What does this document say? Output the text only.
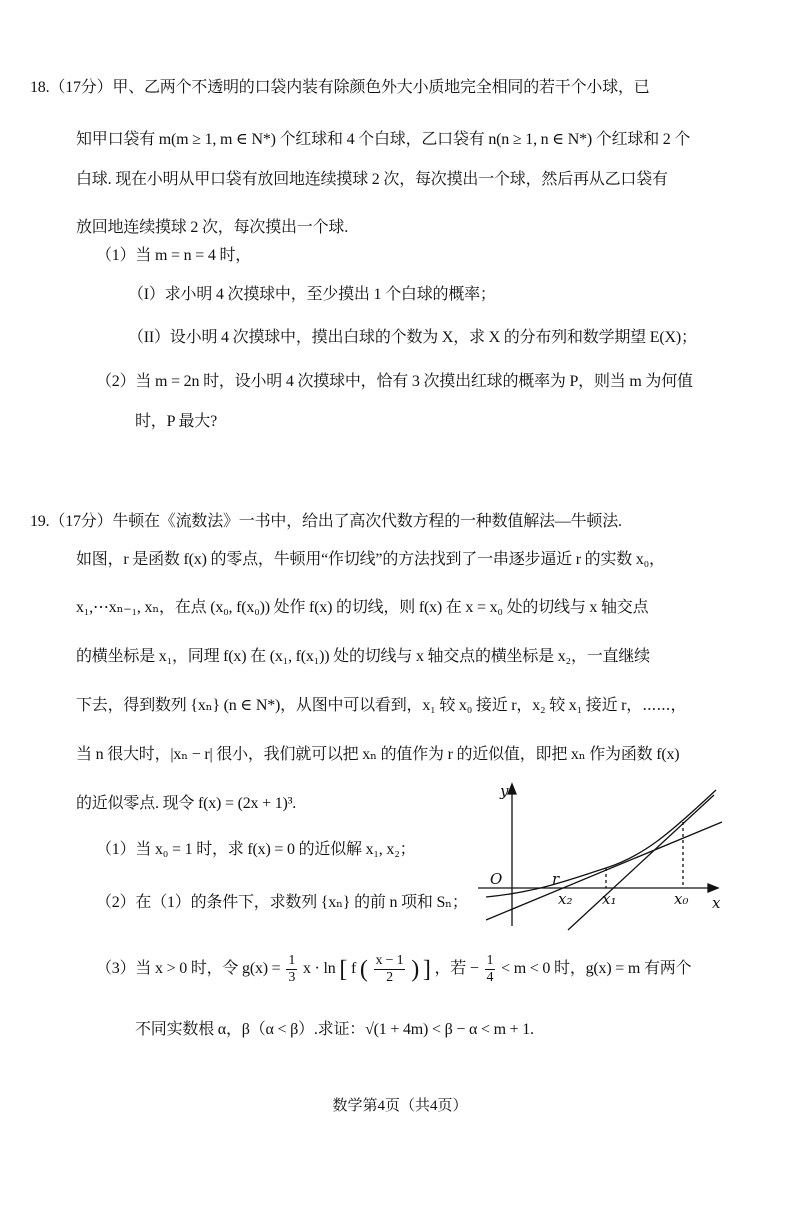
18.（17分）甲、乙两个不透明的口袋内装有除颜色外大小质地完全相同的若干个小球，已
知甲口袋有 m(m ≥ 1, m ∈ N*) 个红球和 4 个白球，乙口袋有 n(n ≥ 1, n ∈ N*) 个红球和 2 个
白球. 现在小明从甲口袋有放回地连续摸球 2 次，每次摸出一个球，然后再从乙口袋有
放回地连续摸球 2 次，每次摸出一个球.
（1）当 m = n = 4 时，
（I）求小明 4 次摸球中，至少摸出 1 个白球的概率；
（II）设小明 4 次摸球中，摸出白球的个数为 X，求 X 的分布列和数学期望 E(X)；
（2）当 m = 2n 时，设小明 4 次摸球中，恰有 3 次摸出红球的概率为 P，则当 m 为何值
时，P 最大?
19.（17分）牛顿在《流数法》一书中，给出了高次代数方程的一种数值解法—牛顿法.
如图，r 是函数 f(x) 的零点，牛顿用“作切线”的方法找到了一串逐步逼近 r 的实数 x₀，
x₁,⋯xₙ₋₁, xₙ，在点 (x₀, f(x₀)) 处作 f(x) 的切线，则 f(x) 在 x = x₀ 处的切线与 x 轴交点
的横坐标是 x₁，同理 f(x) 在 (x₁, f(x₁)) 处的切线与 x 轴交点的横坐标是 x₂，一直继续
下去，得到数列 {xₙ} (n ∈ N*)，从图中可以看到，x₁ 较 x₀ 接近 r，x₂ 较 x₁ 接近 r，⋯⋯，
当 n 很大时，|xₙ − r| 很小，我们就可以把 xₙ 的值作为 r 的近似值，即把 xₙ 作为函数 f(x)
的近似零点. 现令 f(x) = (2x + 1)³.
（1）当 x₀ = 1 时，求 f(x) = 0 的近似解 x₁, x₂；
（2）在（1）的条件下，求数列 {xₙ} 的前 n 项和 Sₙ；
（3）当 x > 0 时，令 $g(x) = \frac{1}{3}$ x · ln [ f ( $\frac{x - 1}{2}$ ) ] ，若 − $\frac{1}{4} < m < 0$ 时，g(x) = m 有两个
不同实数根 α，β（α < β）.求证：√(1 + 4m) < β − α < m + 1.
y
x
O	r
x₂ x₁	x₀
数学第4页（共4页）
